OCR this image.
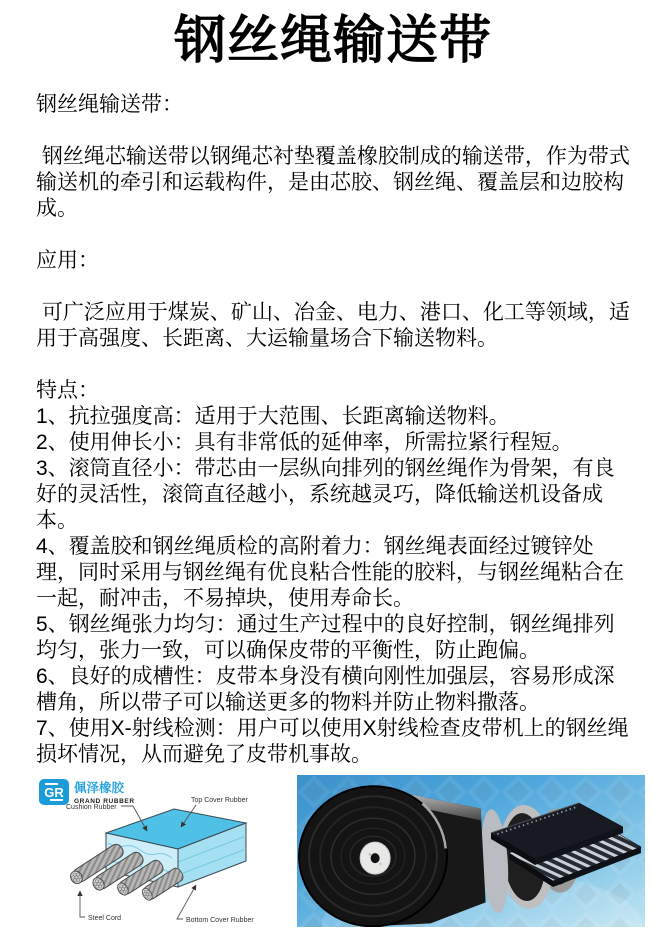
钢丝绳输送带

钢丝绳输送带：

钢丝绳芯输送带以钢绳芯衬垫覆盖橡胶制成的输送带，作为带式输送机的牵引和运载构件，是由芯胶、钢丝绳、覆盖层和边胶构成。

应用：

可广泛应用于煤炭、矿山、冶金、电力、港口、化工等领域，适用于高强度、长距离、大运输量场合下输送物料。

特点：

1、抗拉强度高：适用于大范围、长距离输送物料。

2、使用伸长小：具有非常低的延伸率，所需拉紧行程短。

3、滚筒直径小：带芯由一层纵向排列的钢丝绳作为骨架，有良好的灵活性，滚筒直径越小，系统越灵巧，降低输送机设备成本。

4、覆盖胶和钢丝绳质检的高附着力：钢丝绳表面经过镀锌处理，同时采用与钢丝绳有优良粘合性能的胶料，与钢丝绳粘合在一起，耐冲击，不易掉块，使用寿命长。

5、钢丝绳张力均匀：通过生产过程中的良好控制，钢丝绳排列均匀，张力一致，可以确保皮带的平衡性，防止跑偏。

6、良好的成槽性：皮带本身没有横向刚性加强层，容易形成深槽角，所以带子可以输送更多的物料并防止物料撒落。

7、使用X-射线检测：用户可以使用X射线检查皮带机上的钢丝绳损坏情况，从而避免了皮带机事故。

GR 佩泽橡胶
GRAND RUBBER
Cushion Rubber
Top Cover Rubber
Steel Cord	Bottom Cover Rubber
